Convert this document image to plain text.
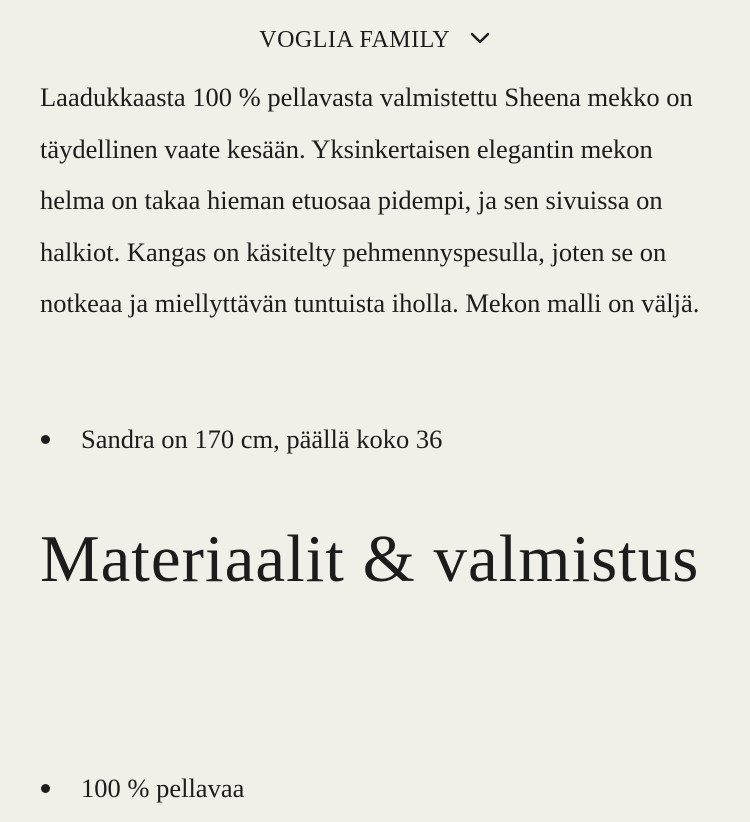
VOGLIA FAMILY

Laadukkaasta 100 % pellavasta valmistettu Sheena mekko on täydellinen vaate kesään. Yksinkertaisen elegantin mekon helma on takaa hieman etuosaa pidempi, ja sen sivuissa on halkiot. Kangas on käsitelty pehmennyspesulla, joten se on notkeaa ja miellyttävän tuntuista iholla. Mekon malli on väljä.

Sandra on 170 cm, päällä koko 36
Materiaalit & valmistus
100 % pellavaa
